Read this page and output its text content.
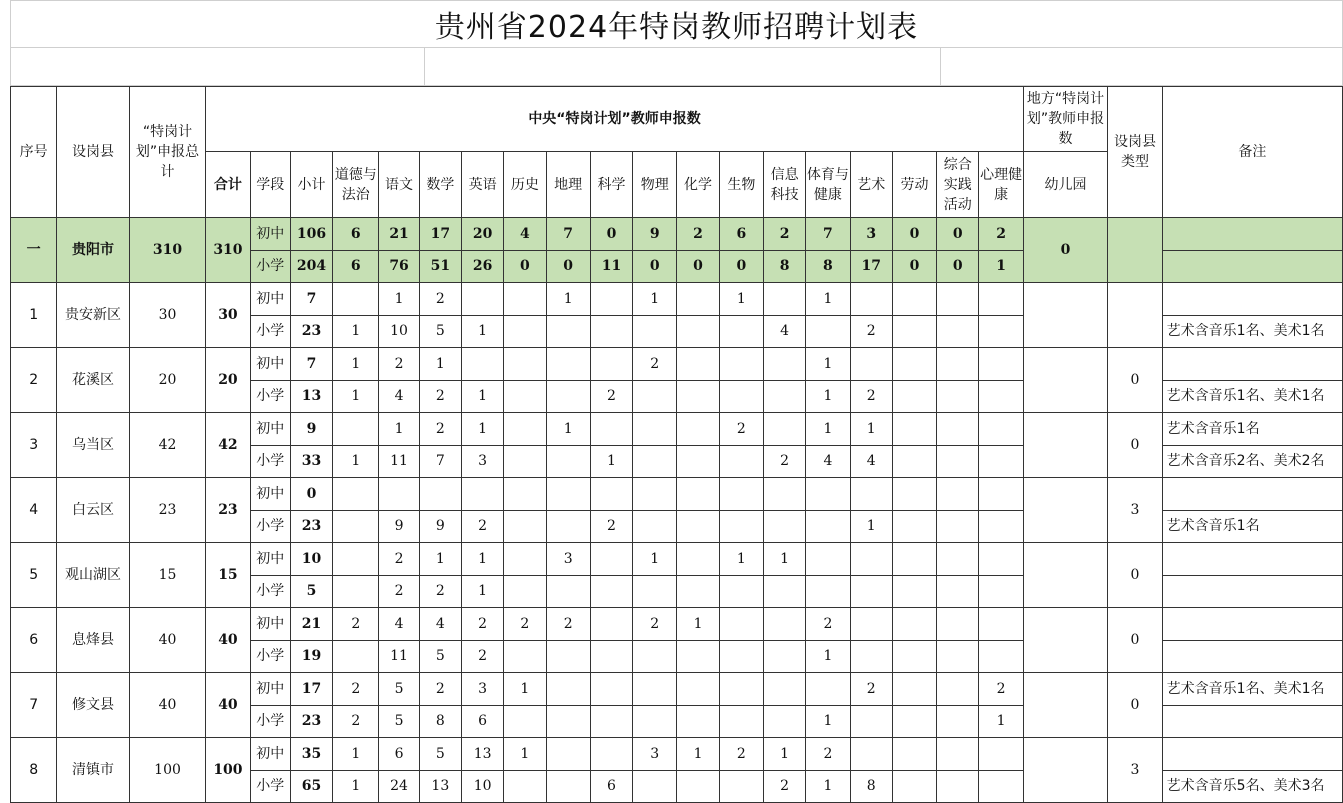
贵州省2024年特岗教师招聘计划表
序号	设岗县	“特岗计划”申报总计	中央“特岗计划”教师申报数																			地方“特岗计划”教师申报数	设岗县类型	备注
			合计	学段	小计	道德与法治	语文	数学	英语	历史	地理	科学	物理	化学	生物	信息科技	体育与健康	艺术	劳动	综合实践活动	心理健康	幼儿园		
一	贵阳市	310	310	初中	106	6	21	17	20	4	7	0	9	2	6	2	7	3	0	0	2	0		
				小学	204	6	76	51	26	0	0	11	0	0	0	8	8	17	0	0	1			
1	贵安新区	30	30	初中	7		1	2			1		1		1		1							
				小学	23	1	10	5	1							4		2						艺术含音乐1名、美术1名
2	花溪区	20	20	初中	7	1	2	1					2				1						0	
				小学	13	1	4	2	1			2					1	2						艺术含音乐1名、美术1名
3	乌当区	42	42	初中	9		1	2	1		1				2		1	1					0	艺术含音乐1名
				小学	33	1	11	7	3			1				2	4	4						艺术含音乐2名、美术2名
4	白云区	23	23	初中	0																		3	
				小学	23		9	9	2			2						1						艺术含音乐1名
5	观山湖区	15	15	初中	10		2	1	1		3		1		1	1							0	
				小学	5		2	2	1															
6	息烽县	40	40	初中	21	2	4	4	2	2	2		2	1			2						0	
				小学	19		11	5	2								1							
7	修文县	40	40	初中	17	2	5	2	3	1								2			2		0	艺术含音乐1名、美术1名
				小学	23	2	5	8	6								1				1			
8	清镇市	100	100	初中	35	1	6	5	13	1			3	1	2	1	2						3	
				小学	65	1	24	13	10			6				2	1	8						艺术含音乐5名、美术3名
